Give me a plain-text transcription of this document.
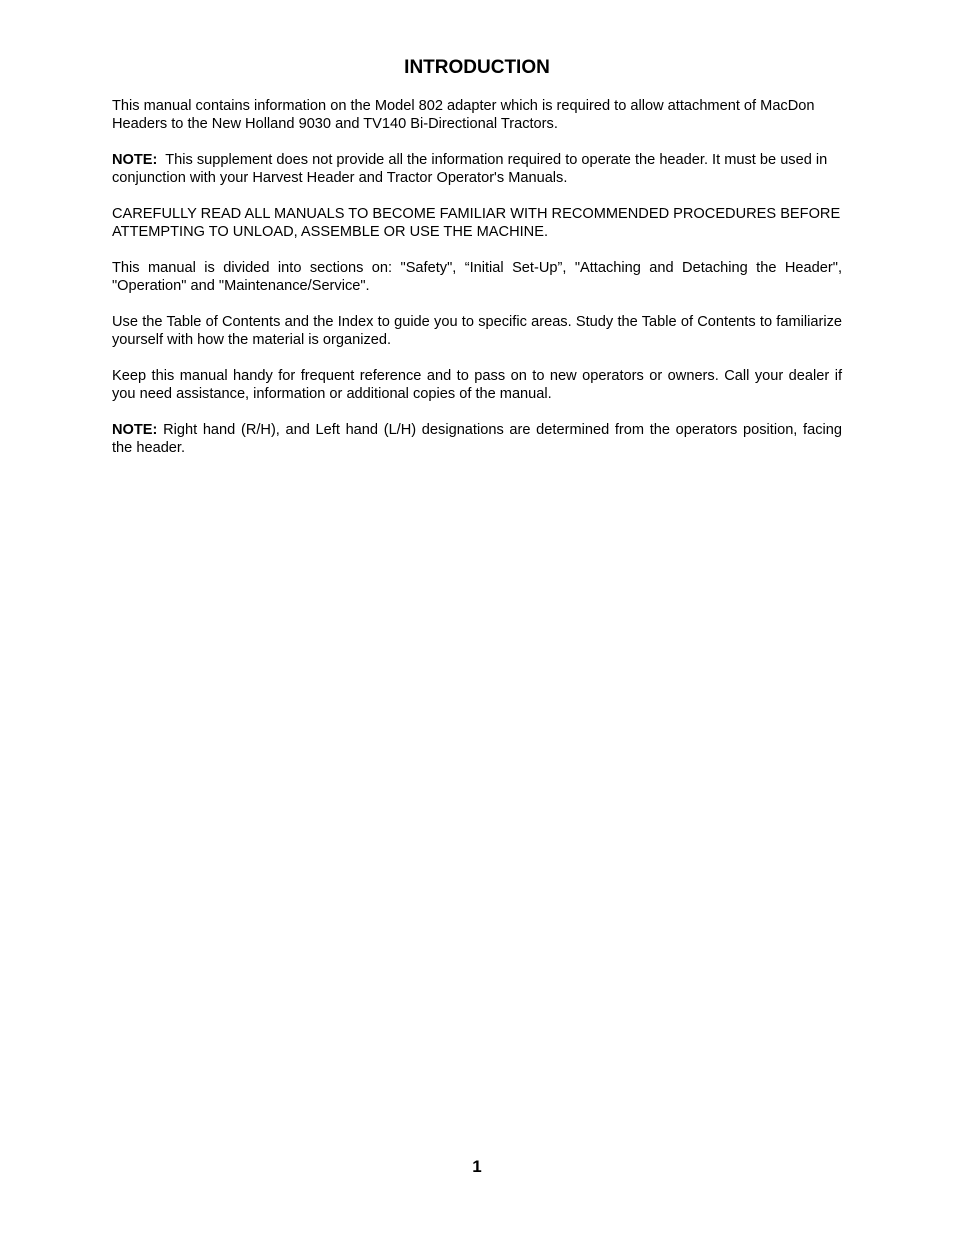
INTRODUCTION

This manual contains information on the Model 802 adapter which is required to allow attachment of MacDon Headers to the New Holland 9030 and TV140 Bi-Directional Tractors.

NOTE: This supplement does not provide all the information required to operate the header. It must be used in conjunction with your Harvest Header and Tractor Operator's Manuals.

CAREFULLY READ ALL MANUALS TO BECOME FAMILIAR WITH RECOMMENDED PROCEDURES BEFORE ATTEMPTING TO UNLOAD, ASSEMBLE OR USE THE MACHINE.

This manual is divided into sections on: "Safety", “Initial Set-Up”, "Attaching and Detaching the Header", "Operation" and "Maintenance/Service".

Use the Table of Contents and the Index to guide you to specific areas. Study the Table of Contents to familiarize yourself with how the material is organized.

Keep this manual handy for frequent reference and to pass on to new operators or owners. Call your dealer if you need assistance, information or additional copies of the manual.

NOTE: Right hand (R/H), and Left hand (L/H) designations are determined from the operators position, facing the header.

1
